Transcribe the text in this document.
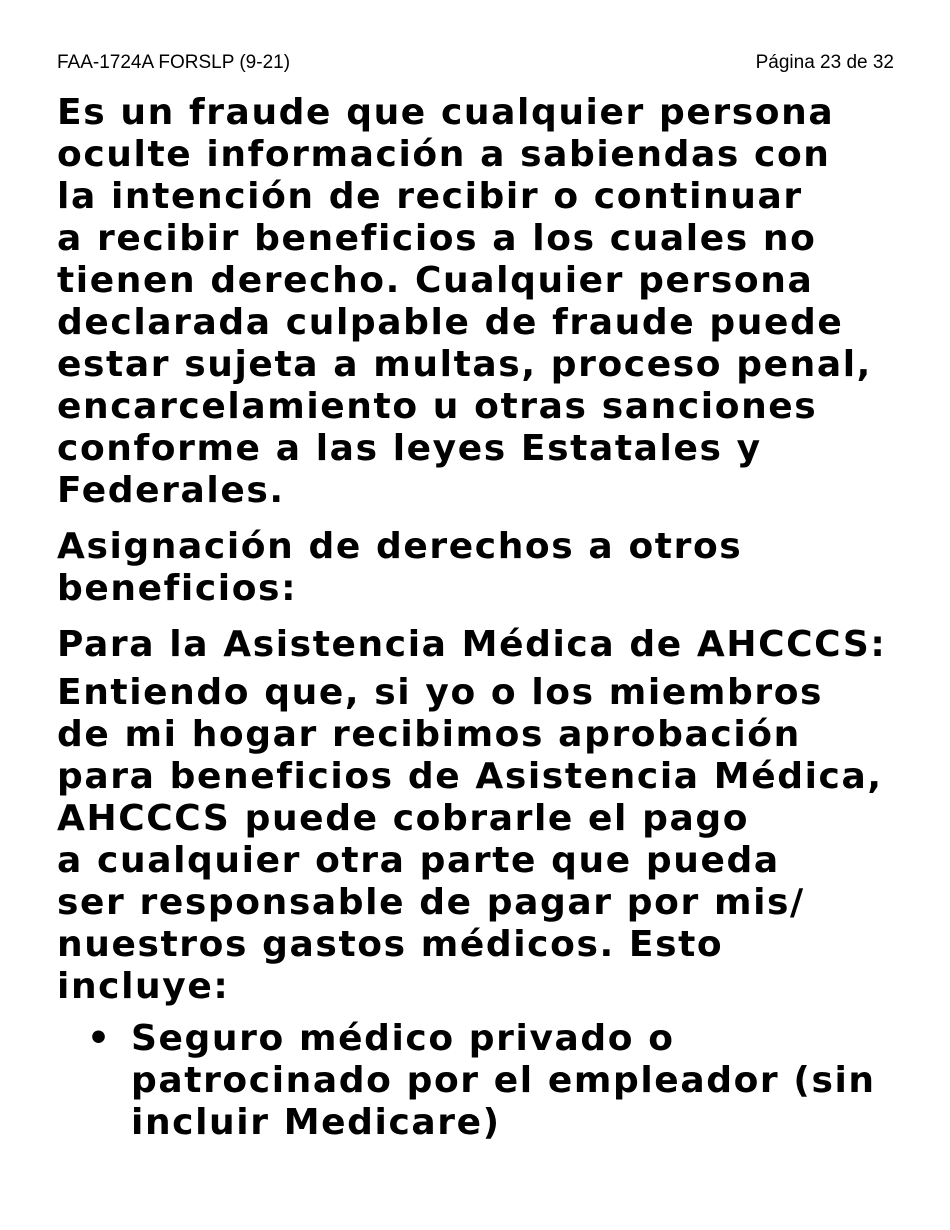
FAA-1724A FORSLP (9-21)	Página 23 de 32

Es un fraude que cualquier persona

oculte información a sabiendas con

la intención de recibir o continuar

a recibir beneficios a los cuales no

tienen derecho. Cualquier persona

declarada culpable de fraude puede

estar sujeta a multas, proceso penal,

encarcelamiento u otras sanciones

conforme a las leyes Estatales y

Federales.

Asignación de derechos a otros

beneficios:

Para la Asistencia Médica de AHCCCS:

Entiendo que, si yo o los miembros

de mi hogar recibimos aprobación

para beneficios de Asistencia Médica,

AHCCCS puede cobrarle el pago

a cualquier otra parte que pueda

ser responsable de pagar por mis/

nuestros gastos médicos. Esto

incluye:

• Seguro médico privado o

patrocinado por el empleador (sin

incluir Medicare)
